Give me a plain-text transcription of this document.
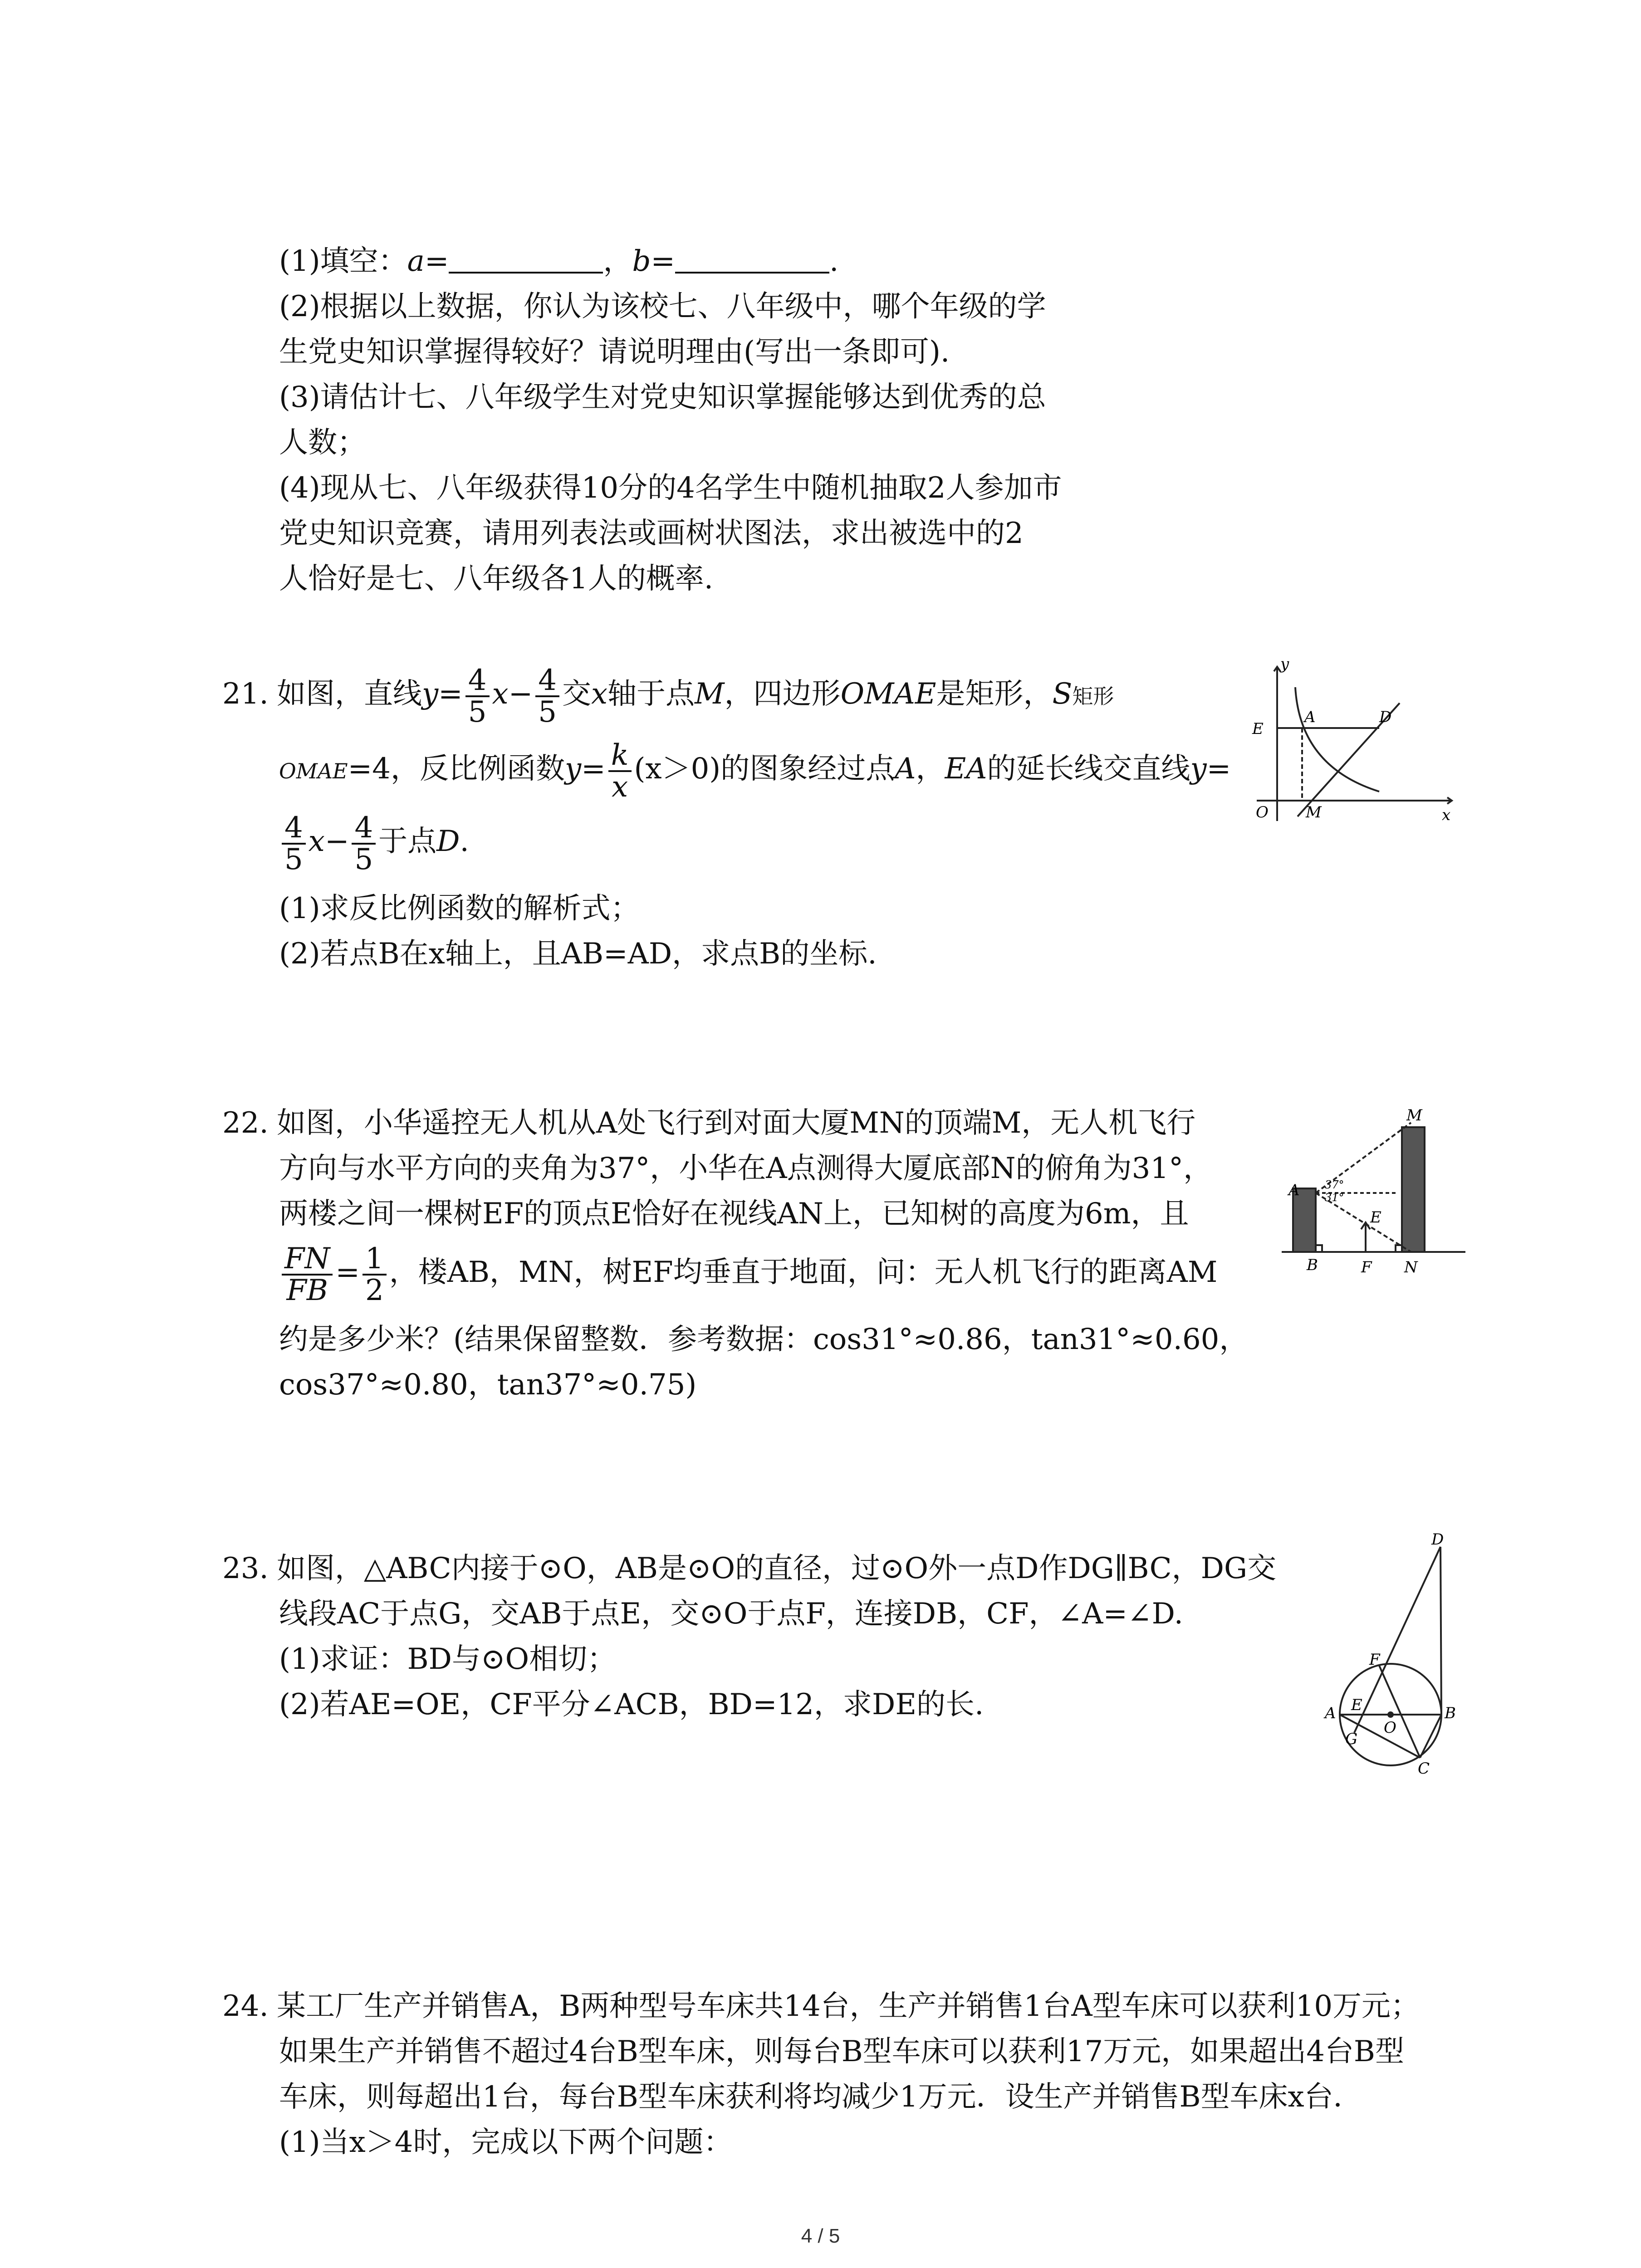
(1)填空：a=	，b=	.
(2)根据以上数据，你认为该校七、八年级中，哪个年级的学
生党史知识掌握得较好？请说明理由(写出一条即可).
(3)请估计七、八年级学生对党史知识掌握能够达到优秀的总
人数；
(4)现从七、八年级获得10分的4名学生中随机抽取2人参加市
党史知识竞赛，请用列表法或画树状图法，求出被选中的2
人恰好是七、八年级各1人的概率.
21. 如图，直线$y= \frac{4}{5} x- \frac{4}{5}$ 交x轴于点M，四边形OMAE是矩形，S矩形
OMAE=4，反比例函数$y= \frac{k}{x} (x>0)$的图象经过点A，EA的延长线交直线y=
$\frac{4}{5} x- \frac{4}{5}$ 于点D.
(1)求反比例函数的解析式；
(2)若点B在x轴上，且AB=AD，求点B的坐标.
y
x
E
A	D
O M
22. 如图，小华遥控无人机从A处飞行到对面大厦MN的顶端M，无人机飞行
方向与水平方向的夹角为37°，小华在A点测得大厦底部N的俯角为31°，
两楼之间一棵树EF的顶点E恰好在视线AN上，已知树的高度为6m，且
$\frac{FN}{FB} = \frac{1}{2}$ ，楼AB，MN，树EF均垂直于地面，问：无人机飞行的距离AM
约是多少米？(结果保留整数．参考数据：cos31°≈0.86，tan31°≈0.60，
cos37°≈0.80，tan37°≈0.75)
M
A 37°
31°
E
B	F N
23. 如图，△ABC内接于⊙O，AB是⊙O的直径，过⊙O外一点D作DG∥BC，DG交
线段AC于点G，交AB于点E，交⊙O于点F，连接DB，CF，∠A=∠D.
(1)求证：BD与⊙O相切；
(2)若AE=OE，CF平分∠ACB，BD=12，求DE的长.
D
F
A E
O
B
G
C
24. 某工厂生产并销售A，B两种型号车床共14台，生产并销售1台A型车床可以获利10万元；
如果生产并销售不超过4台B型车床，则每台B型车床可以获利17万元，如果超出4台B型
车床，则每超出1台，每台B型车床获利将均减少1万元．设生产并销售B型车床x台．
(1)当x＞4时，完成以下两个问题：
4 / 5
